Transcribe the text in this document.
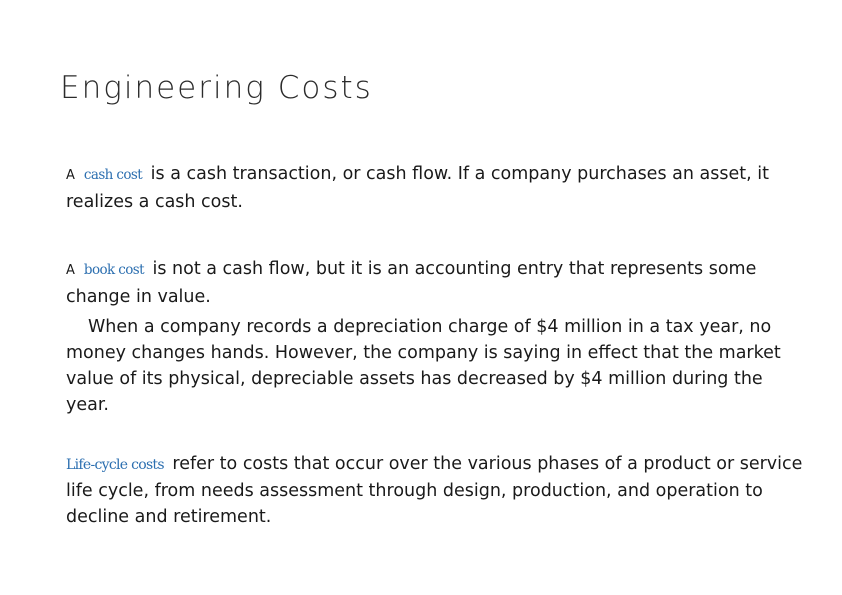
Engineering Costs
A cash cost is a cash transaction, or cash flow. If a company purchases an asset, it realizes a cash cost.
A book cost is not a cash flow, but it is an accounting entry that represents some change in value.
When a company records a depreciation charge of $4 million in a tax year, no money changes hands. However, the company is saying in effect that the market value of its physical, depreciable assets has decreased by $4 million during the year.
Life-cycle costs refer to costs that occur over the various phases of a product or service life cycle, from needs assessment through design, production, and operation to decline and retirement.
